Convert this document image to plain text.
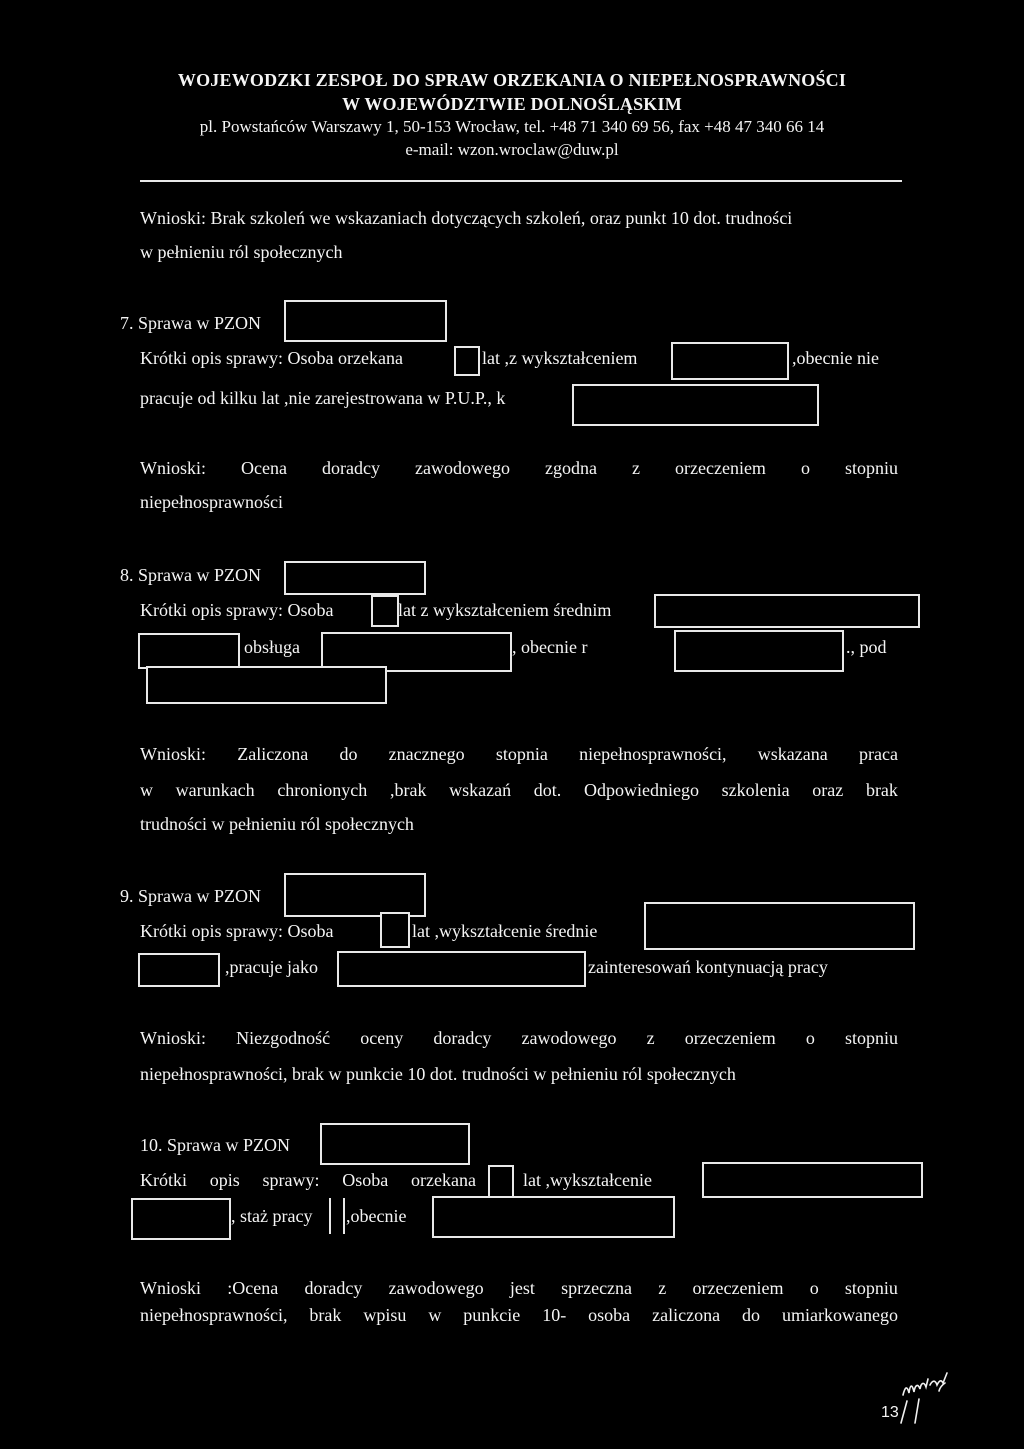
WOJEWODZKI ZESPOŁ DO SPRAW ORZEKANIA O NIEPEŁNOSPRAWNOŚCI
W WOJEWÓDZTWIE DOLNOŚLĄSKIM
pl. Powstańców Warszawy 1, 50-153 Wrocław, tel. +48 71 340 69 56, fax +48 47 340 66 14
e-mail: wzon.wroclaw@duw.pl
Wnioski: Brak szkoleń we wskazaniach dotyczących szkoleń, oraz punkt 10 dot. trudności
w pełnieniu ról społecznych
7. Sprawa w PZON
Krótki opis sprawy: Osoba orzekana	lat ,z wykształceniem	,obecnie nie
pracuje od kilku lat ,nie zarejestrowana w P.U.P., k
Wnioski: Ocena doradcy zawodowego zgodna z orzeczeniem o stopniu
niepełnosprawności
8. Sprawa w PZON
Krótki opis sprawy: Osoba	lat z wykształceniem średnim
obsługa	, obecnie r	., pod
Wnioski: Zaliczona do znacznego stopnia niepełnosprawności, wskazana praca
w warunkach chronionych ,brak wskazań dot. Odpowiedniego szkolenia oraz brak
trudności w pełnieniu ról społecznych
9. Sprawa w PZON
Krótki opis sprawy: Osoba	lat ,wykształcenie średnie
,pracuje jako	zainteresowań kontynuacją pracy
Wnioski: Niezgodność oceny doradcy zawodowego z orzeczeniem o stopniu
niepełnosprawności, brak w punkcie 10 dot. trudności w pełnieniu ról społecznych
10. Sprawa w PZON
Krótki opis sprawy: Osoba orzekana	lat ,wykształcenie
, staż pracy ,obecnie
Wnioski :Ocena doradcy zawodowego jest sprzeczna z orzeczeniem o stopniu
niepełnosprawności, brak wpisu w punkcie 10- osoba zaliczona do umiarkowanego
13
